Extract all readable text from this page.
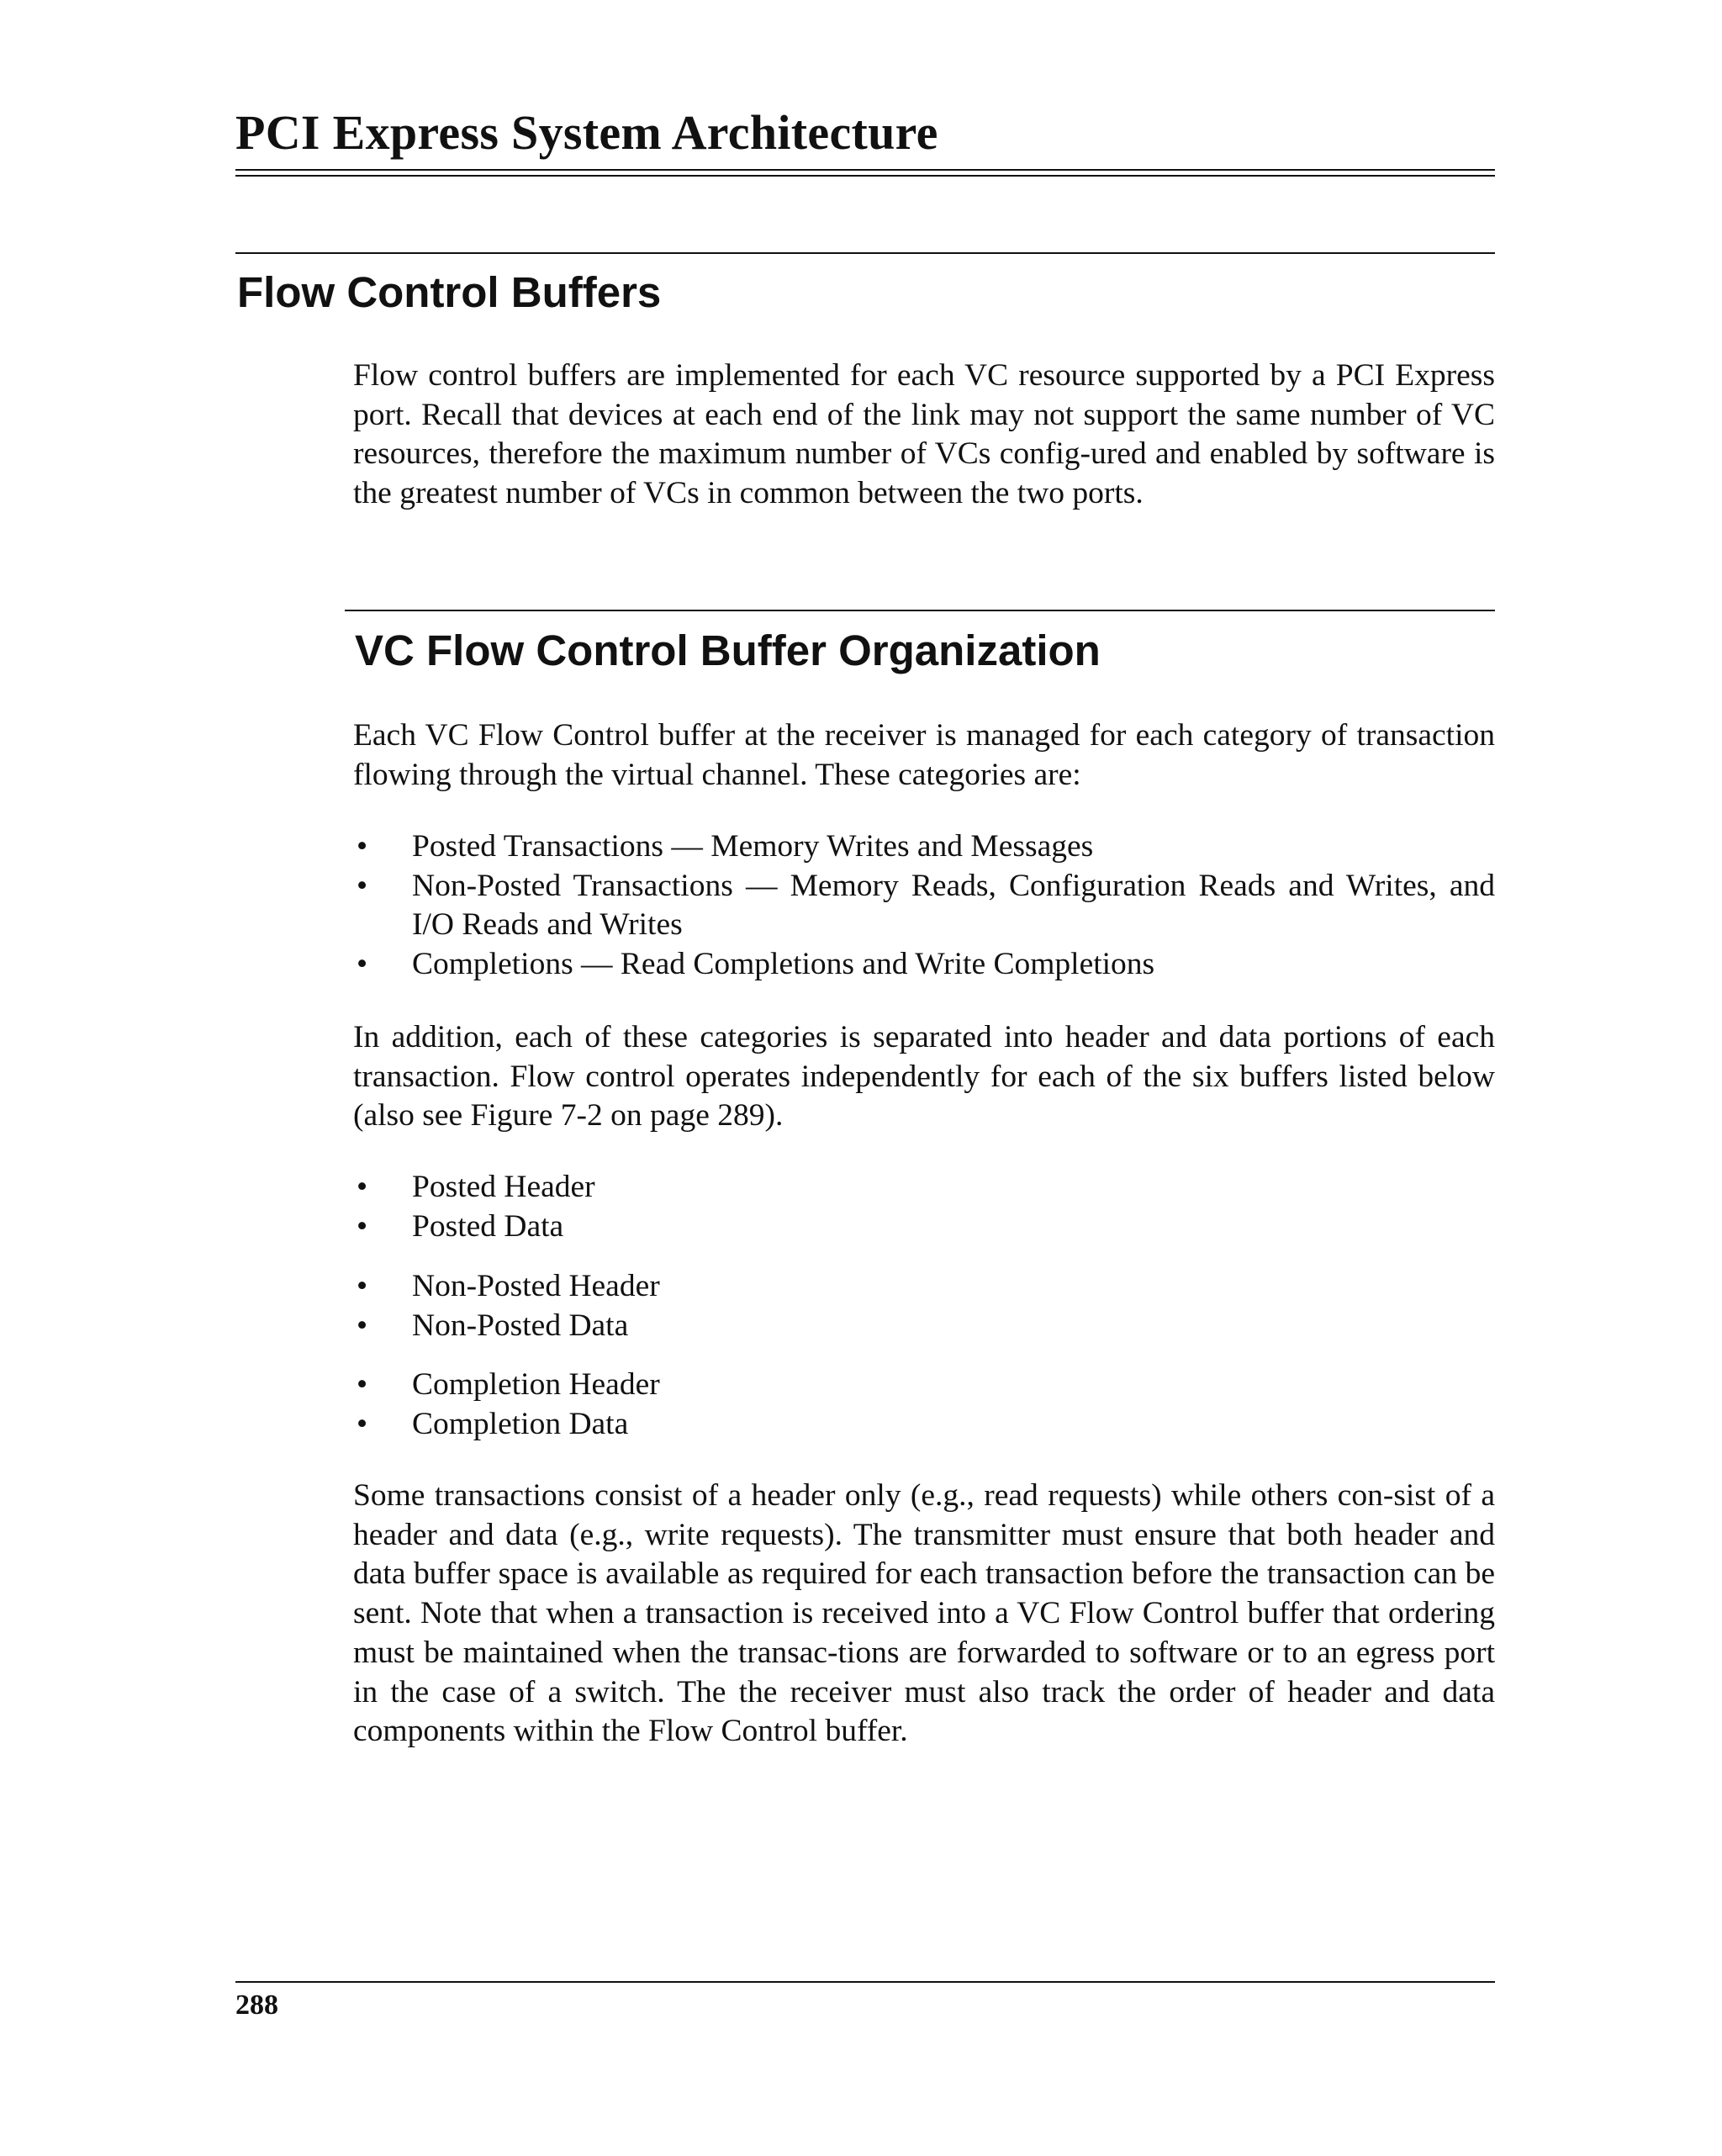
PCI Express System Architecture
Flow Control Buffers

Flow control buffers are implemented for each VC resource supported by a PCI Express port. Recall that devices at each end of the link may not support the same number of VC resources, therefore the maximum number of VCs config-ured and enabled by software is the greatest number of VCs in common between the two ports.

VC Flow Control Buffer Organization

Each VC Flow Control buffer at the receiver is managed for each category of transaction flowing through the virtual channel. These categories are:

• Posted Transactions — Memory Writes and Messages
• Non-Posted Transactions — Memory Reads, Configuration Reads and Writes, and I/O Reads and Writes
• Completions — Read Completions and Write Completions

In addition, each of these categories is separated into header and data portions of each transaction. Flow control operates independently for each of the six buffers listed below (also see Figure 7-2 on page 289).

• Posted Header
• Posted Data
• Non-Posted Header
• Non-Posted Data
• Completion Header
• Completion Data

Some transactions consist of a header only (e.g., read requests) while others con-sist of a header and data (e.g., write requests). The transmitter must ensure that both header and data buffer space is available as required for each transaction before the transaction can be sent. Note that when a transaction is received into a VC Flow Control buffer that ordering must be maintained when the transac-tions are forwarded to software or to an egress port in the case of a switch. The the receiver must also track the order of header and data components within the Flow Control buffer.

288
